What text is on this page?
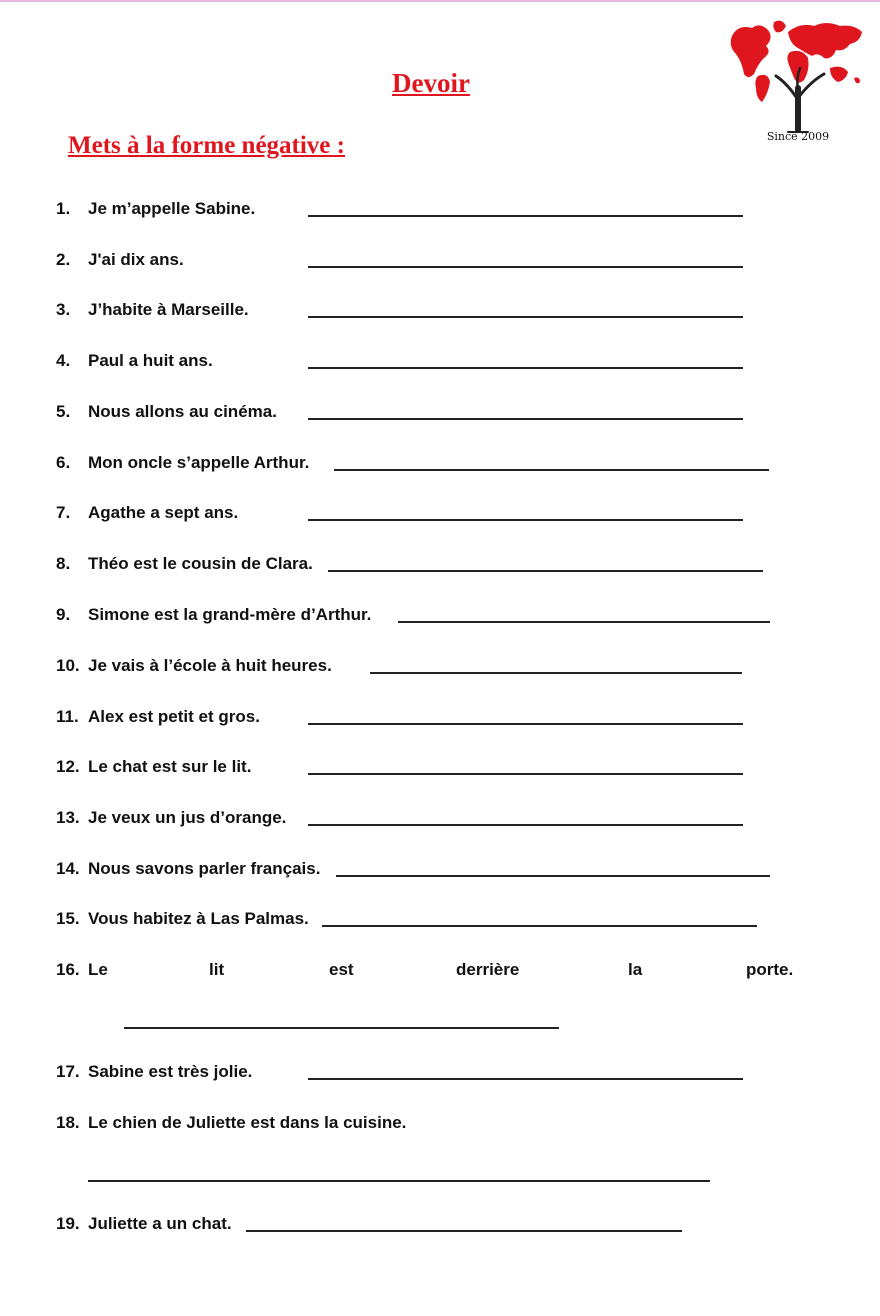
Since 2009
Devoir
Mets à la forme négative :
1. Je m’appelle Sabine.
2. J'ai dix ans.
3. J’habite à Marseille.
4. Paul a huit ans.
5. Nous allons au cinéma.
6. Mon oncle s’appelle Arthur.
7. Agathe a sept ans.
8. Théo est le cousin de Clara.
9. Simone est la grand-mère d’Arthur.
10. Je vais à l’école à huit heures.
11. Alex est petit et gros.
12. Le chat est sur le lit.
13. Je veux un jus d’orange.
14. Nous savons parler français.
15. Vous habitez à Las Palmas.
16. Le	lit	est	derrière	la	porte.
17. Sabine est très jolie.
18. Le chien de Juliette est dans la cuisine.
19. Juliette a un chat.
